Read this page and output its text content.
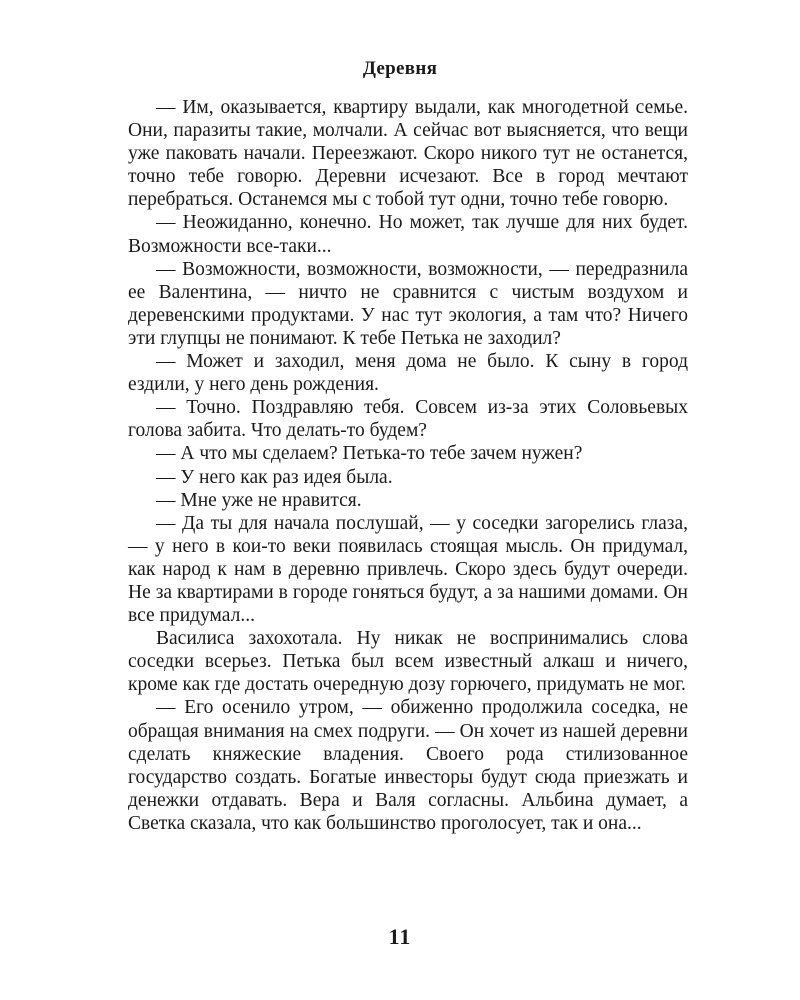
Деревня

— Им, оказывается, квартиру выдали, как многодетной семье. Они, паразиты такие, молчали. А сейчас вот выясняется, что вещи уже паковать начали. Переезжают. Скоро никого тут не останется, точно тебе говорю. Деревни исчезают. Все в город мечтают перебраться. Останемся мы с тобой тут одни, точно тебе говорю.

— Неожиданно, конечно. Но может, так лучше для них будет. Возможности все-таки...

— Возможности, возможности, возможности, — передразнила ее Валентина, — ничто не сравнится с чистым воздухом и деревенскими продуктами. У нас тут экология, а там что? Ничего эти глупцы не понимают. К тебе Петька не заходил?

— Может и заходил, меня дома не было. К сыну в город ездили, у него день рождения.

— Точно. Поздравляю тебя. Совсем из-за этих Соловьевых голова забита. Что делать-то будем?

— А что мы сделаем? Петька-то тебе зачем нужен?

— У него как раз идея была.

— Мне уже не нравится.

— Да ты для начала послушай, — у соседки загорелись глаза, — у него в кои-то веки появилась стоящая мысль. Он придумал, как народ к нам в деревню привлечь. Скоро здесь будут очереди. Не за квартирами в городе гоняться будут, а за нашими домами. Он все придумал...

Василиса захохотала. Ну никак не воспринимались слова соседки всерьез. Петька был всем известный алкаш и ничего, кроме как где достать очередную дозу горючего, придумать не мог.

— Его осенило утром, — обиженно продолжила соседка, не обращая внимания на смех подруги. — Он хочет из нашей деревни сделать княжеские владения. Своего рода стилизованное государство создать. Богатые инвесторы будут сюда приезжать и денежки отдавать. Вера и Валя согласны. Альбина думает, а Светка сказала, что как большинство проголосует, так и она...

11
